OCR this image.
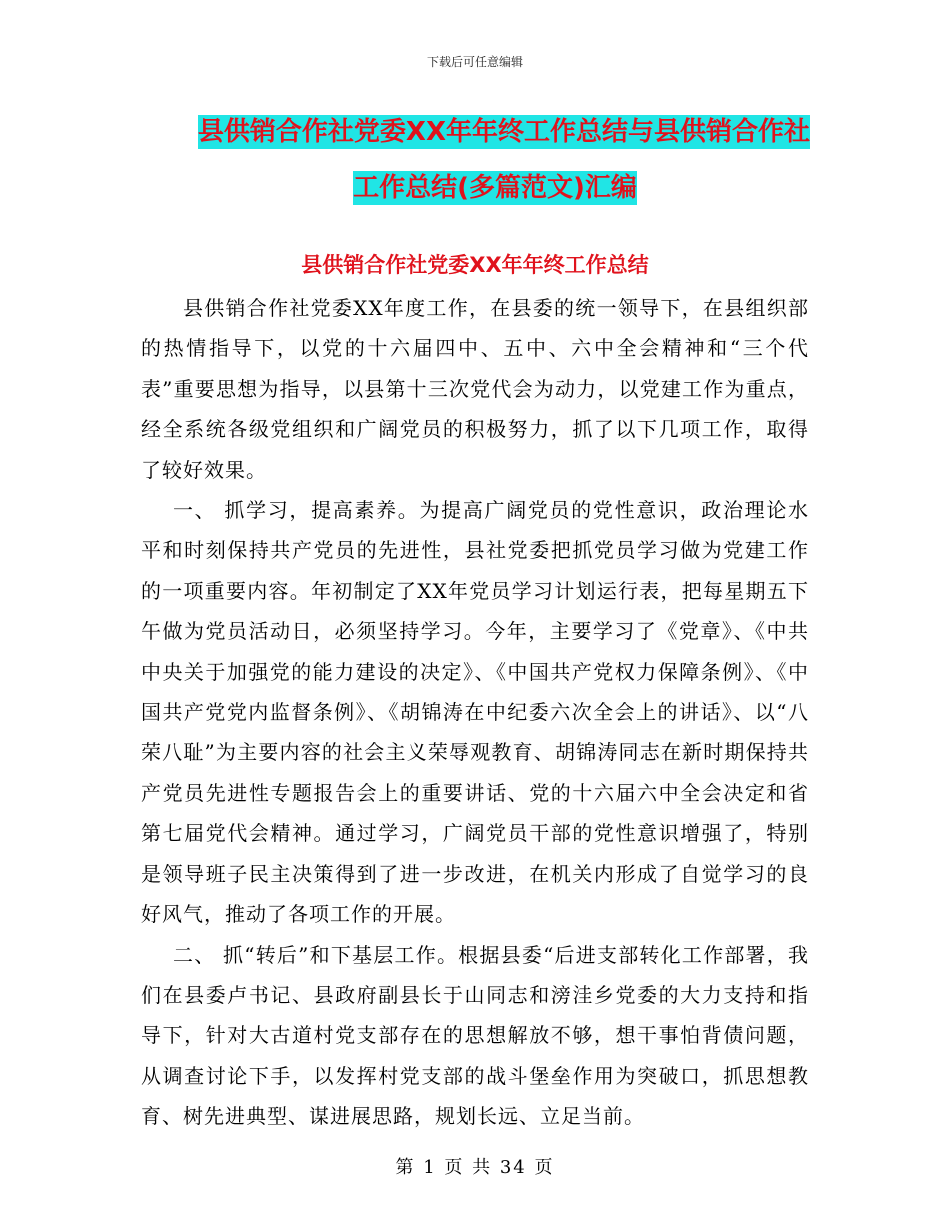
下载后可任意编辑
县供销合作社党委XX年年终工作总结与县供销合作社
工作总结(多篇范文)汇编
县供销合作社党委XX年年终工作总结

县供销合作社党委XX年度工作，在县委的统一领导下，在县组织部的热情指导下，以党的十六届四中、五中、六中全会精神和“三个代表”重要思想为指导，以县第十三次党代会为动力，以党建工作为重点，经全系统各级党组织和广阔党员的积极努力，抓了以下几项工作，取得了较好效果。

一、 抓学习，提高素养。为提高广阔党员的党性意识，政治理论水平和时刻保持共产党员的先进性，县社党委把抓党员学习做为党建工作的一项重要内容。年初制定了XX年党员学习计划运行表，把每星期五下午做为党员活动日，必须坚持学习。今年，主要学习了《党章》、《中共中央关于加强党的能力建设的决定》、《中国共产党权力保障条例》、《中国共产党党内监督条例》、《胡锦涛在中纪委六次全会上的讲话》、以“八荣八耻”为主要内容的社会主义荣辱观教育、胡锦涛同志在新时期保持共产党员先进性专题报告会上的重要讲话、党的十六届六中全会决定和省第七届党代会精神。通过学习，广阔党员干部的党性意识增强了，特别是领导班子民主决策得到了进一步改进，在机关内形成了自觉学习的良好风气，推动了各项工作的开展。

二、 抓“转后”和下基层工作。根据县委“后进支部转化工作部署，我们在县委卢书记、县政府副县长于山同志和滂洼乡党委的大力支持和指导下，针对大古道村党支部存在的思想解放不够，想干事怕背债问题，从调查讨论下手，以发挥村党支部的战斗堡垒作用为突破口，抓思想教育、树先进典型、谋进展思路，规划长远、立足当前。

第 1 页 共 34 页
